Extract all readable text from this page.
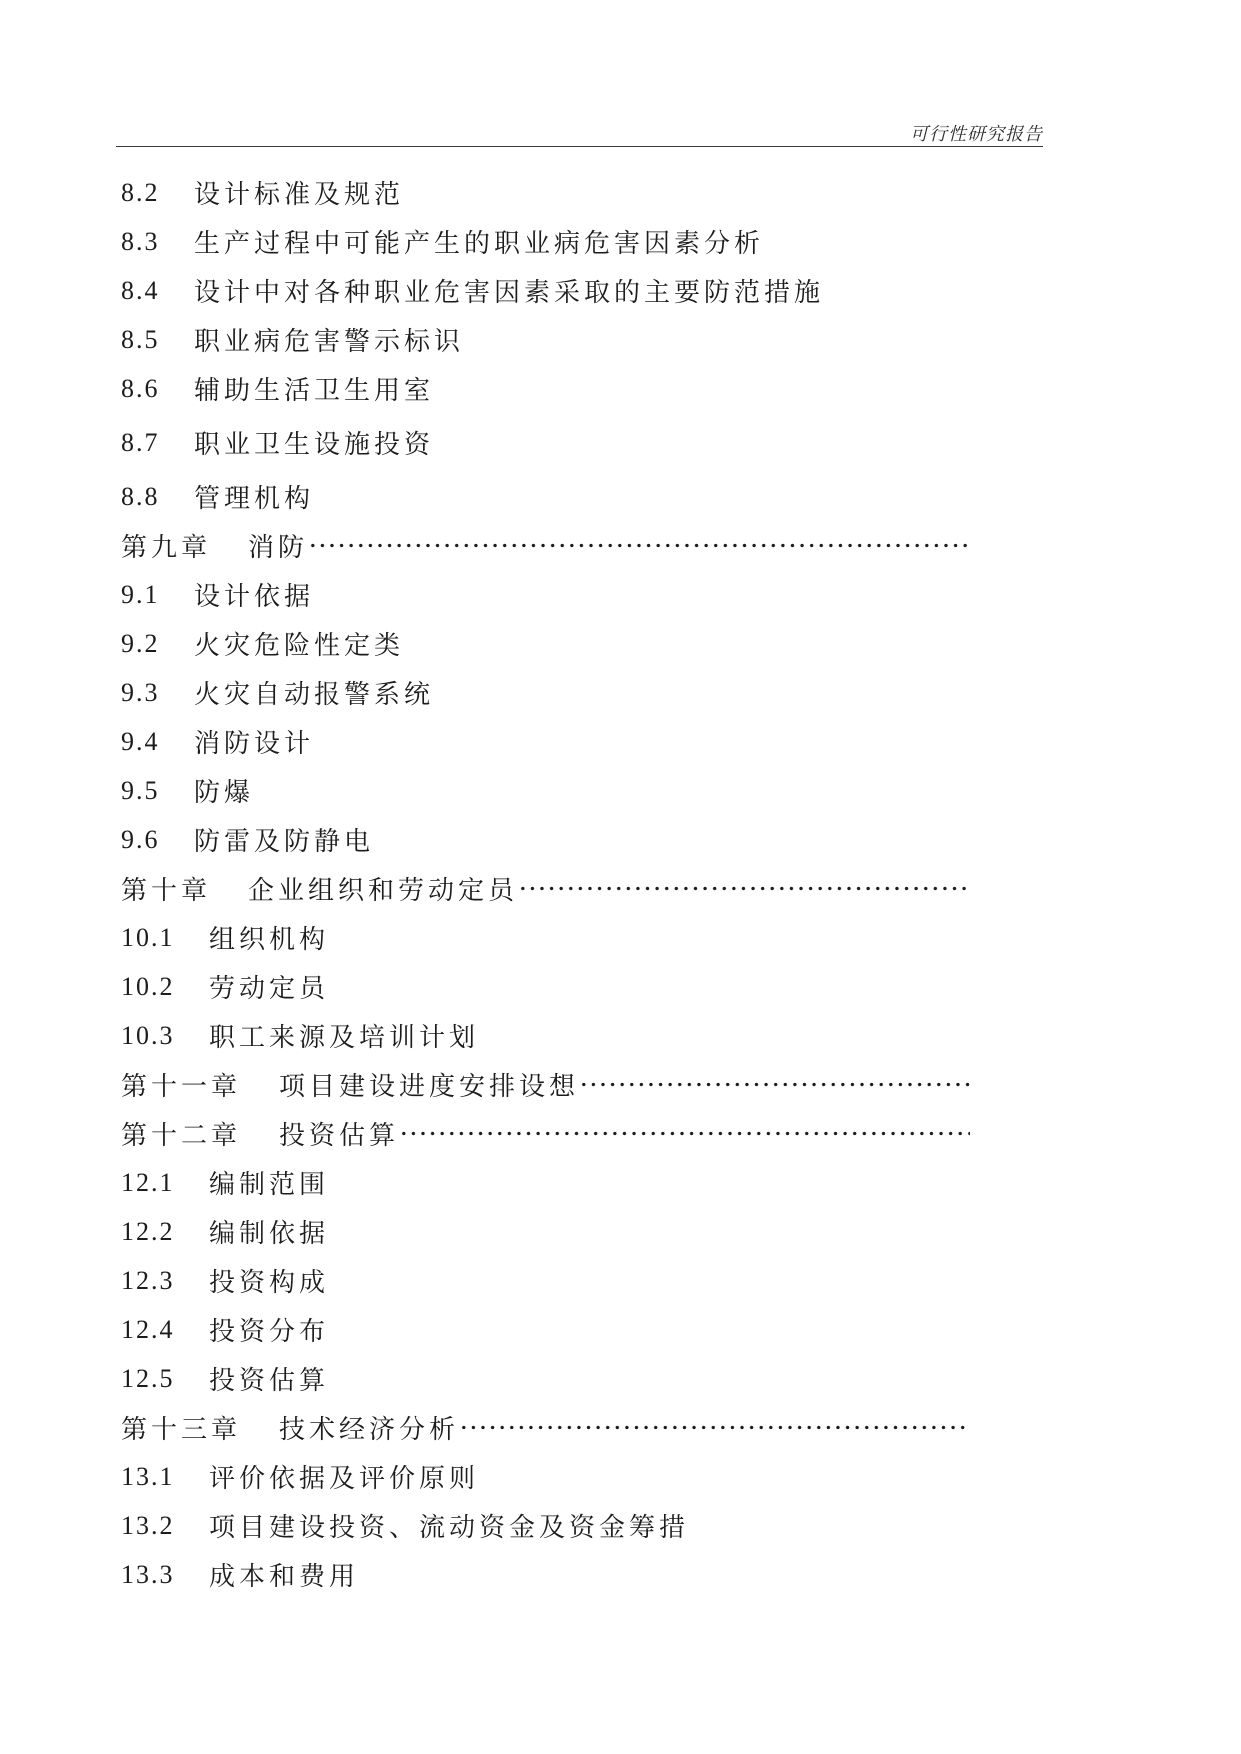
可行性研究报告
8.2	设计标准及规范
8.3	生产过程中可能产生的职业病危害因素分析
8.4	设计中对各种职业危害因素采取的主要防范措施
8.5	职业病危害警示标识
8.6	辅助生活卫生用室
8.7	职业卫生设施投资
8.8	管理机构
第九章	消防
9.1	设计依据
9.2	火灾危险性定类
9.3	火灾自动报警系统
9.4	消防设计
9.5	防爆
9.6	防雷及防静电
第十章	企业组织和劳动定员
10.1	组织机构
10.2	劳动定员
10.3	职工来源及培训计划
第十一章	项目建设进度安排设想
第十二章	投资估算
12.1	编制范围
12.2	编制依据
12.3	投资构成
12.4	投资分布
12.5	投资估算
第十三章	技术经济分析
13.1	评价依据及评价原则
13.2	项目建设投资、流动资金及资金筹措
13.3	成本和费用
